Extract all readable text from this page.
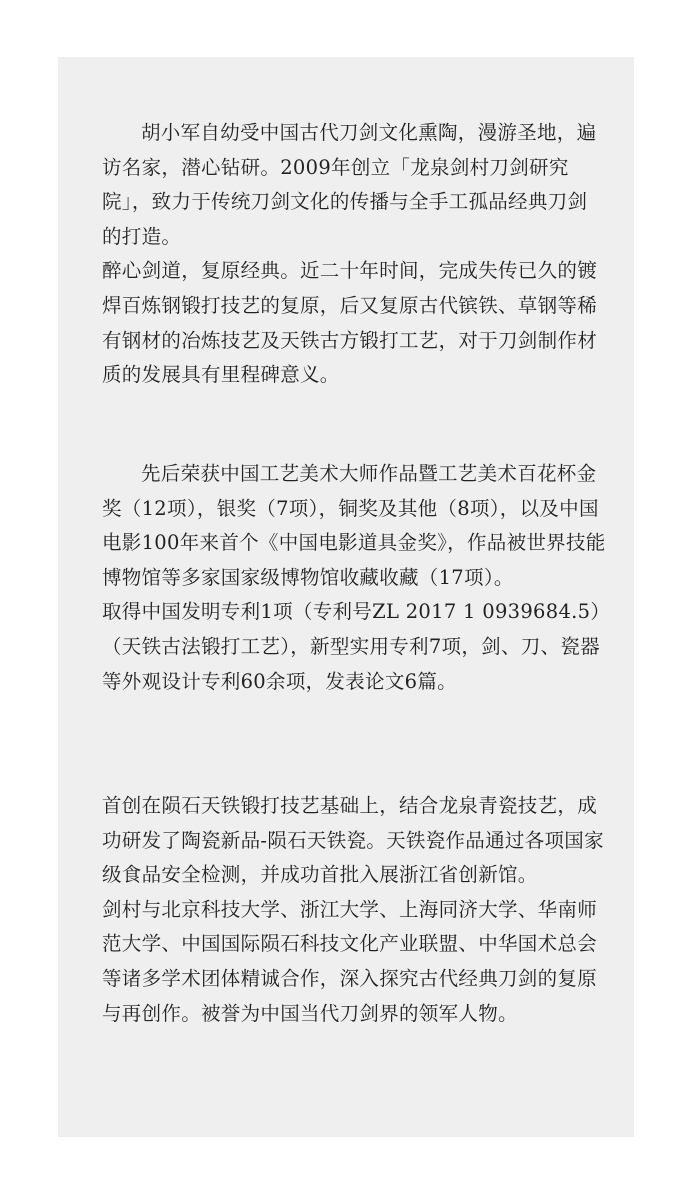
胡小军自幼受中国古代刀剑文化熏陶，漫游圣地，遍访名家，潜心钻研。2009年创立「龙泉剑村刀剑研究院」，致力于传统刀剑文化的传播与全手工孤品经典刀剑的打造。

醉心剑道，复原经典。近二十年时间，完成失传已久的镀焊百炼钢锻打技艺的复原，后又复原古代镔铁、草钢等稀有钢材的冶炼技艺及天铁古方锻打工艺，对于刀剑制作材质的发展具有里程碑意义。

先后荣获中国工艺美术大师作品暨工艺美术百花杯金奖（12项），银奖（7项），铜奖及其他（8项），以及中国电影100年来首个《中国电影道具金奖》，作品被世界技能博物馆等多家国家级博物馆收藏收藏（17项）。

取得中国发明专利1项（专利号ZL 2017 1 0939684.5）（天铁古法锻打工艺），新型实用专利7项，剑、刀、瓷器等外观设计专利60余项，发表论文6篇。

首创在陨石天铁锻打技艺基础上，结合龙泉青瓷技艺，成功研发了陶瓷新品-陨石天铁瓷。天铁瓷作品通过各项国家级食品安全检测，并成功首批入展浙江省创新馆。

剑村与北京科技大学、浙江大学、上海同济大学、华南师范大学、中国国际陨石科技文化产业联盟、中华国术总会等诸多学术团体精诚合作，深入探究古代经典刀剑的复原与再创作。被誉为中国当代刀剑界的领军人物。
